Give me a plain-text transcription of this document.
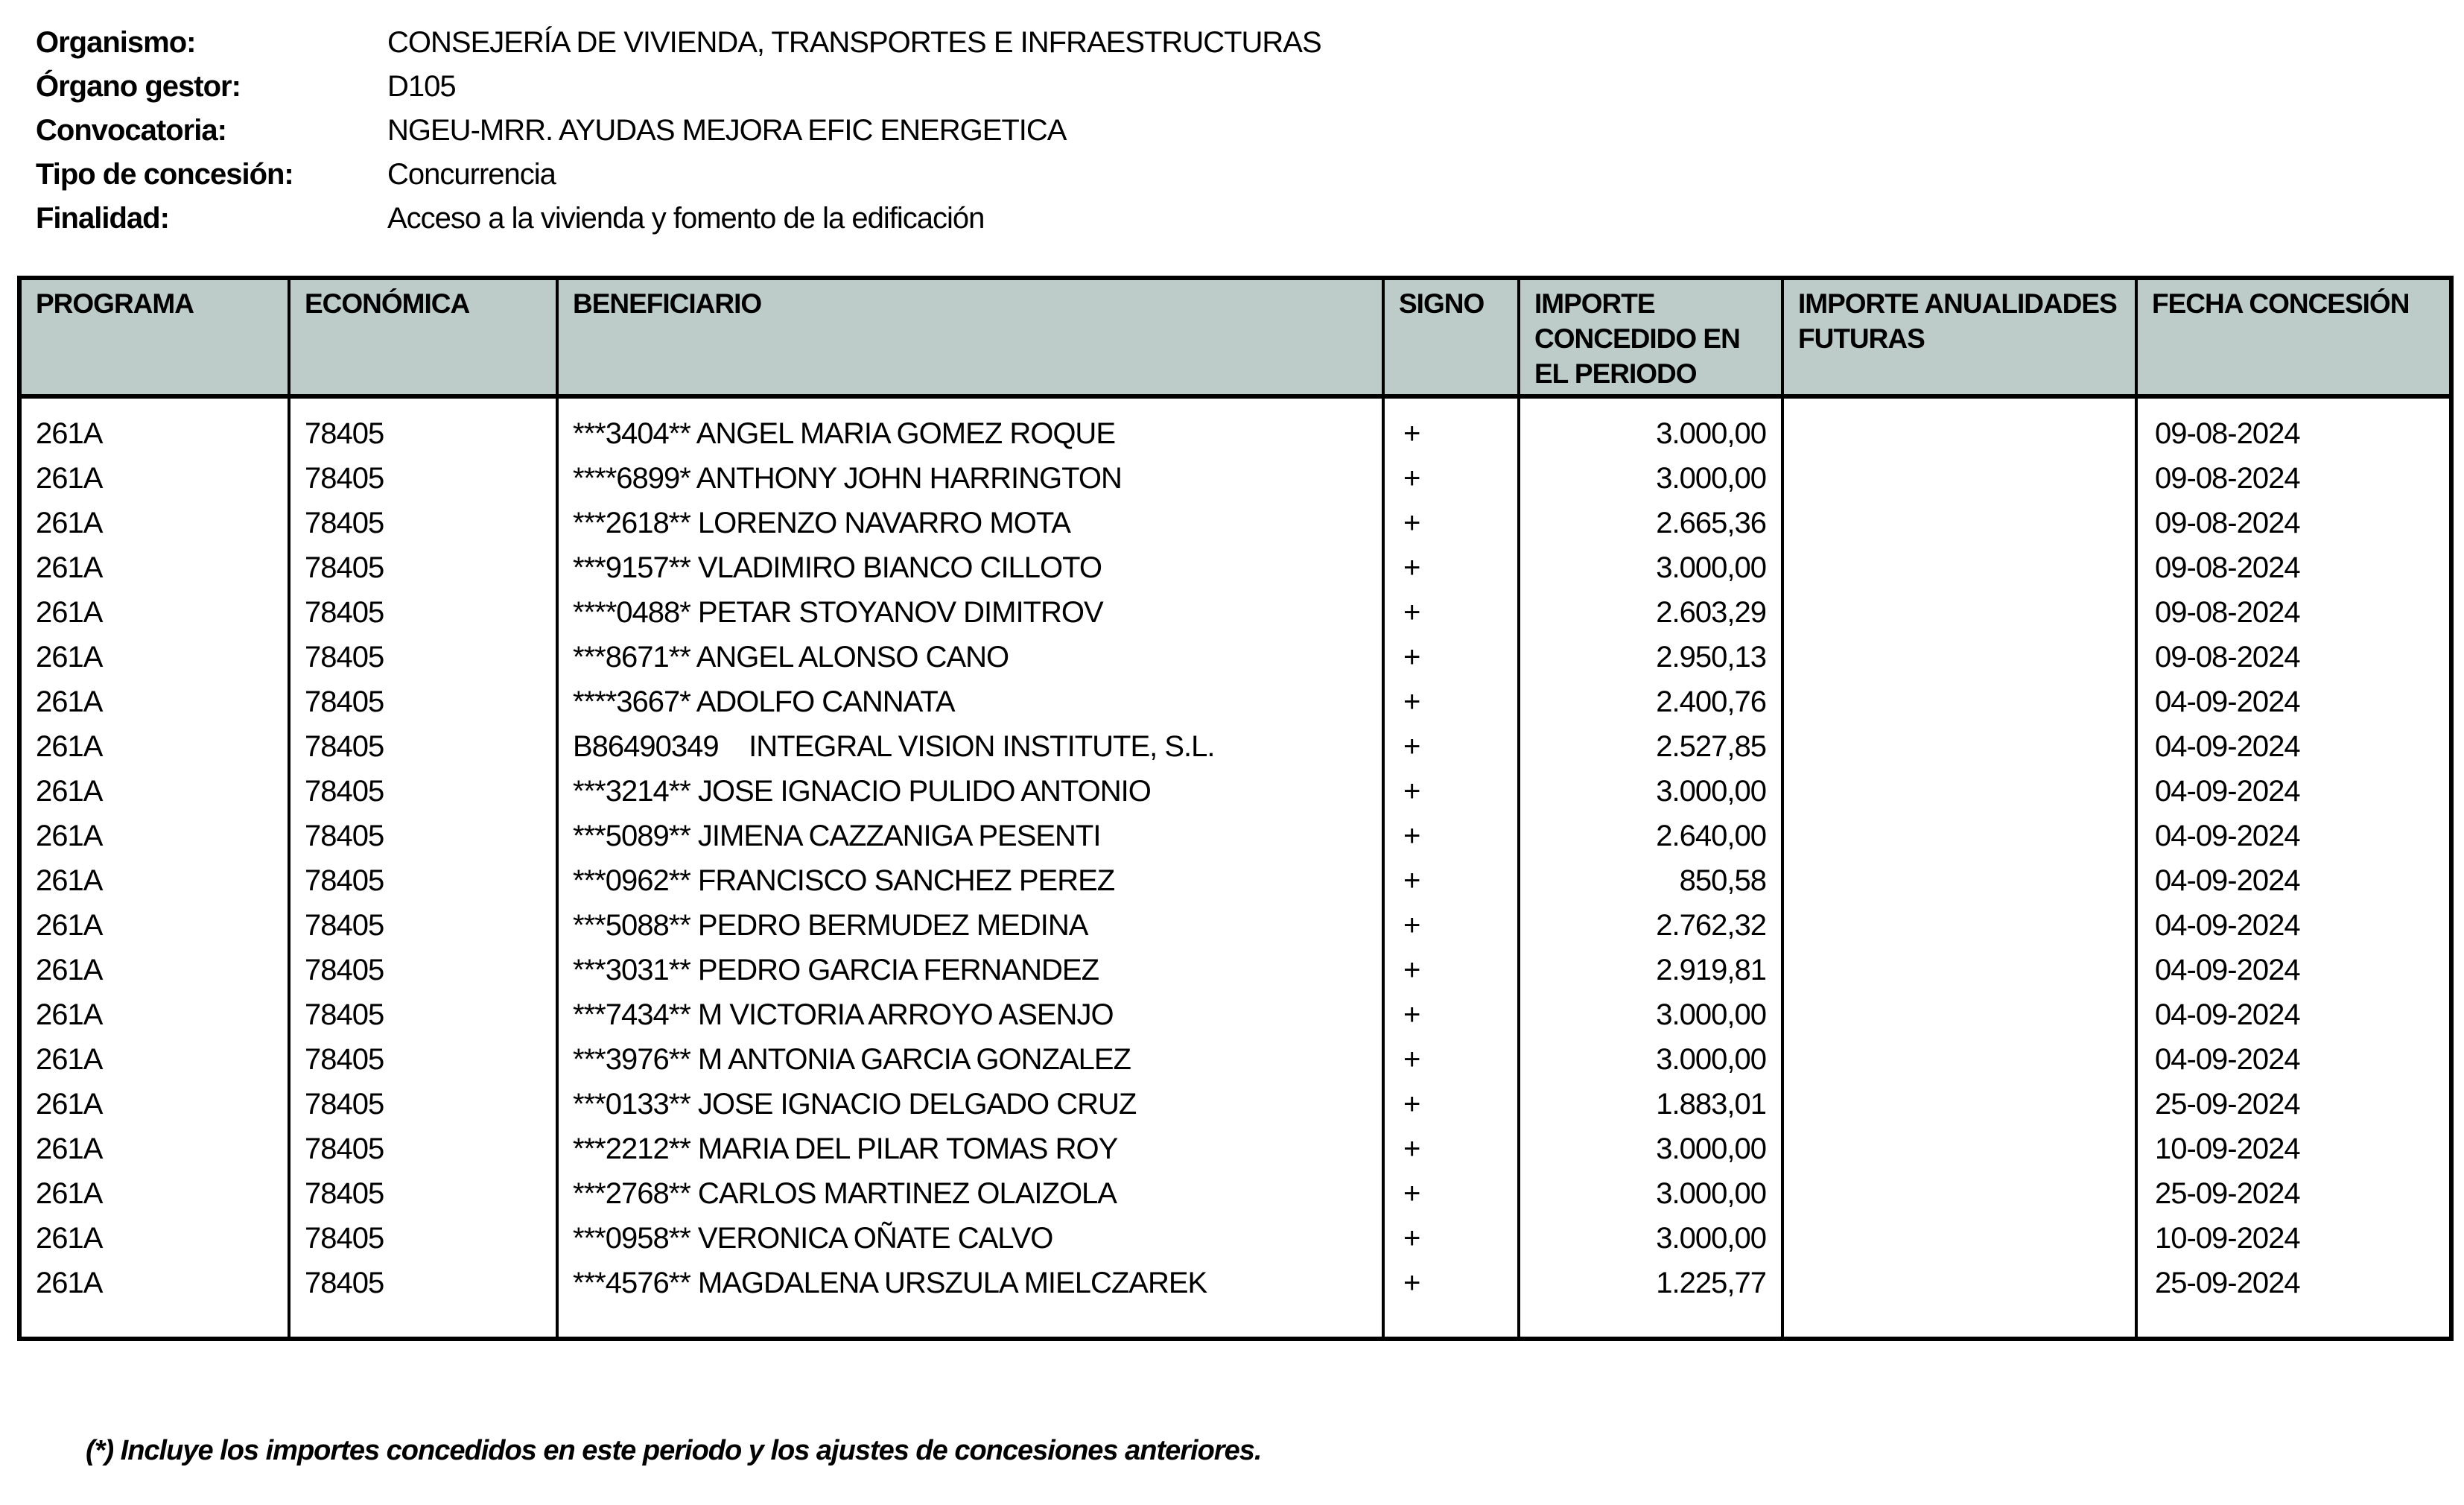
Organismo:	CONSEJERÍA DE VIVIENDA, TRANSPORTES E INFRAESTRUCTURAS
Órgano gestor:	D105
Convocatoria:	NGEU-MRR. AYUDAS MEJORA EFIC ENERGETICA
Tipo de concesión:	Concurrencia
Finalidad:	Acceso a la vivienda y fomento de la edificación
PROGRAMA	ECONÓMICA	BENEFICIARIO	SIGNO	IMPORTE CONCEDIDO EN EL PERIODO	IMPORTE ANUALIDADES FUTURAS	FECHA CONCESIÓN

261A	78405	***3404** ANGEL MARIA GOMEZ ROQUE	+	3.000,00		09-08-2024
261A	78405	****6899* ANTHONY JOHN HARRINGTON	+	3.000,00		09-08-2024
261A	78405	***2618** LORENZO NAVARRO MOTA	+	2.665,36		09-08-2024
261A	78405	***9157** VLADIMIRO BIANCO CILLOTO	+	3.000,00		09-08-2024
261A	78405	****0488* PETAR STOYANOV DIMITROV	+	2.603,29		09-08-2024
261A	78405	***8671** ANGEL ALONSO CANO	+	2.950,13		09-08-2024
261A	78405	****3667* ADOLFO CANNATA	+	2.400,76		04-09-2024
261A	78405	B86490349    INTEGRAL VISION INSTITUTE, S.L.	+	2.527,85		04-09-2024
261A	78405	***3214** JOSE IGNACIO PULIDO ANTONIO	+	3.000,00		04-09-2024
261A	78405	***5089** JIMENA CAZZANIGA PESENTI	+	2.640,00		04-09-2024
261A	78405	***0962** FRANCISCO SANCHEZ PEREZ	+	850,58		04-09-2024
261A	78405	***5088** PEDRO BERMUDEZ MEDINA	+	2.762,32		04-09-2024
261A	78405	***3031** PEDRO GARCIA FERNANDEZ	+	2.919,81		04-09-2024
261A	78405	***7434** M VICTORIA ARROYO ASENJO	+	3.000,00		04-09-2024
261A	78405	***3976** M ANTONIA GARCIA GONZALEZ	+	3.000,00		04-09-2024
261A	78405	***0133** JOSE IGNACIO DELGADO CRUZ	+	1.883,01		25-09-2024
261A	78405	***2212** MARIA DEL PILAR TOMAS ROY	+	3.000,00		10-09-2024
261A	78405	***2768** CARLOS MARTINEZ OLAIZOLA	+	3.000,00		25-09-2024
261A	78405	***0958** VERONICA OÑATE CALVO	+	3.000,00		10-09-2024
261A	78405	***4576** MAGDALENA URSZULA MIELCZAREK	+	1.225,77		25-09-2024

(*) Incluye los importes concedidos en este periodo y los ajustes de concesiones anteriores.
